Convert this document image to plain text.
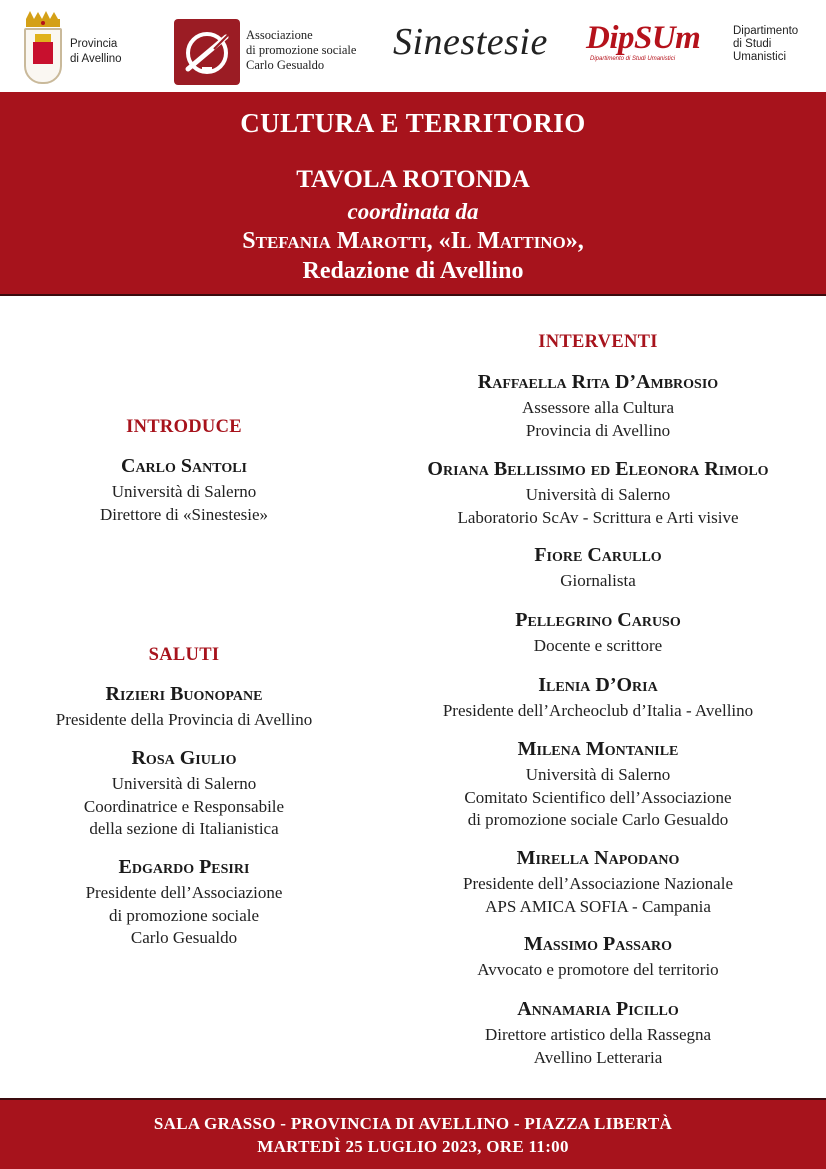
Provincia
di Avellino
Associazione
di promozione sociale
Carlo Gesualdo
Sinestesie DipSUm
Dipartimento di Studi Umanistici
Dipartimento
di Studi
Umanistici
CULTURA E TERRITORIO
TAVOLA ROTONDA
coordinata da
Stefania Marotti, «Il Mattino»,
Redazione di Avellino
INTRODUCE
Carlo Santoli
Università di Salerno
Direttore di «Sinestesie»
SALUTI
Rizieri Buonopane
Presidente della Provincia di Avellino
Rosa Giulio
Università di Salerno
Coordinatrice e Responsabile
della sezione di Italianistica
Edgardo Pesiri
Presidente dell’Associazione
di promozione sociale
Carlo Gesualdo
INTERVENTI
Raffaella Rita D’Ambrosio
Assessore alla Cultura
Provincia di Avellino
Oriana Bellissimo ed Eleonora Rimolo
Università di Salerno
Laboratorio ScAv - Scrittura e Arti visive
Fiore Carullo
Giornalista
Pellegrino Caruso
Docente e scrittore
Ilenia D’Oria
Presidente dell’Archeoclub d’Italia - Avellino
Milena Montanile
Università di Salerno
Comitato Scientifico dell’Associazione
di promozione sociale Carlo Gesualdo
Mirella Napodano
Presidente dell’Associazione Nazionale
APS AMICA SOFIA - Campania
Massimo Passaro
Avvocato e promotore del territorio
Annamaria Picillo
Direttore artistico della Rassegna
Avellino Letteraria
SALA GRASSO - PROVINCIA DI AVELLINO - PIAZZA LIBERTÀ
MARTEDÌ 25 LUGLIO 2023, ORE 11:00
